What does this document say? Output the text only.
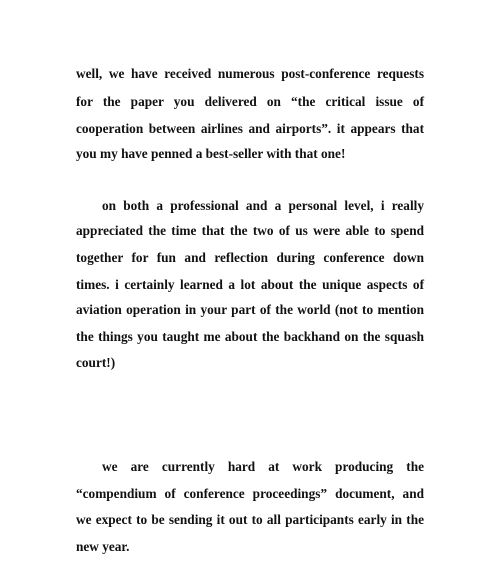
well, we have received numerous post-conference requests
for the paper you delivered on “the critical issue of
cooperation between airlines and airports”. it appears that
you my have penned a best-seller with that one!
on both a professional and a personal level, i really
appreciated the time that the two of us were able to spend
together for fun and reflection during conference down
times. i certainly learned a lot about the unique aspects of
aviation operation in your part of the world (not to mention
the things you taught me about the backhand on the squash
court!)
we are currently hard at work producing the
“compendium of conference proceedings” document, and
we expect to be sending it out to all participants early in the
new year.
